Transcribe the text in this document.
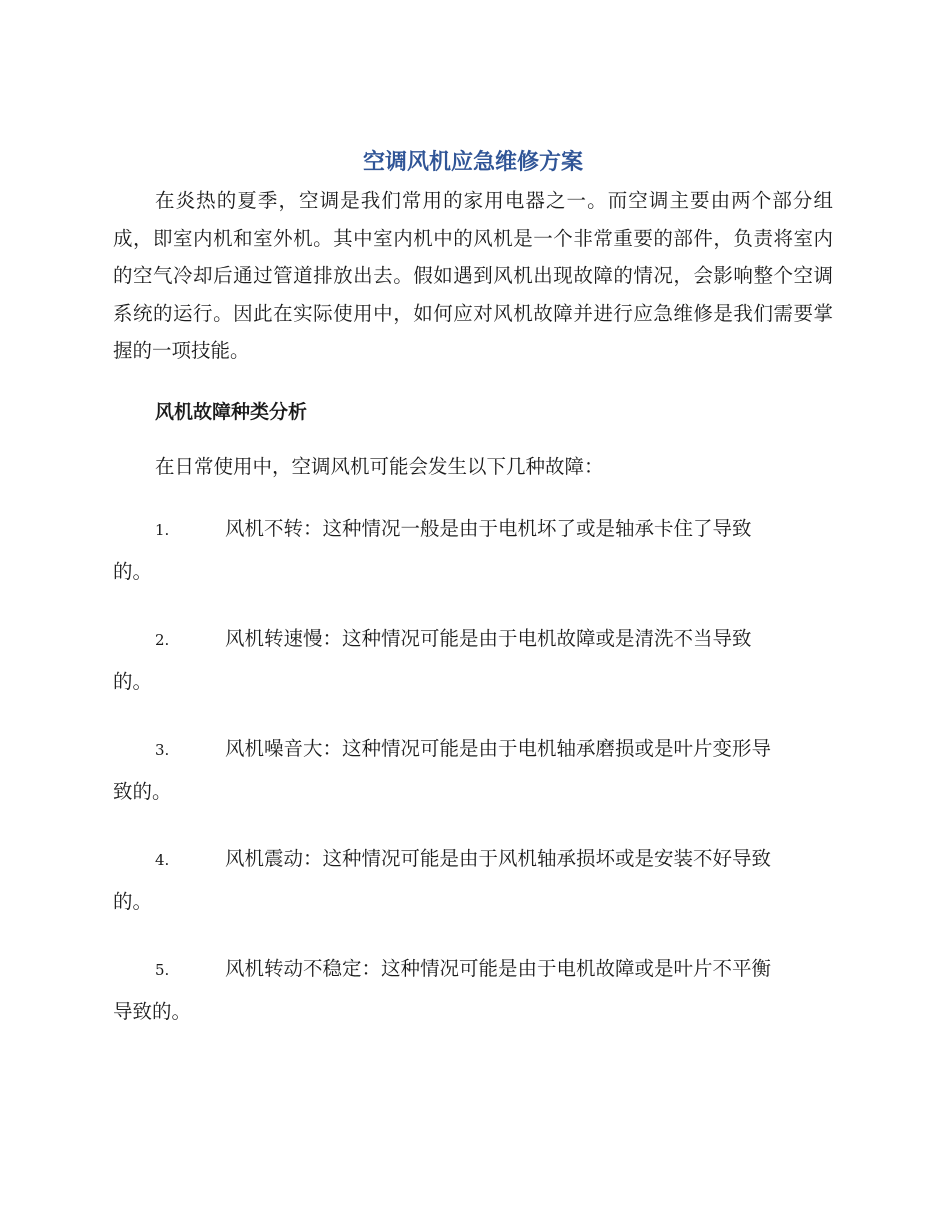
空调风机应急维修方案

在炎热的夏季，空调是我们常用的家用电器之一。而空调主要由两个部分组成，即室内机和室外机。其中室内机中的风机是一个非常重要的部件，负责将室内的空气冷却后通过管道排放出去。假如遇到风机出现故障的情况，会影响整个空调系统的运行。因此在实际使用中，如何应对风机故障并进行应急维修是我们需要掌握的一项技能。

风机故障种类分析
在日常使用中，空调风机可能会发生以下几种故障：
1.	风机不转：这种情况一般是由于电机坏了或是轴承卡住了导致
的。
2.	风机转速慢：这种情况可能是由于电机故障或是清洗不当导致
的。
3.	风机噪音大：这种情况可能是由于电机轴承磨损或是叶片变形导
致的。
4.	风机震动：这种情况可能是由于风机轴承损坏或是安装不好导致
的。
5.	风机转动不稳定：这种情况可能是由于电机故障或是叶片不平衡
导致的。
